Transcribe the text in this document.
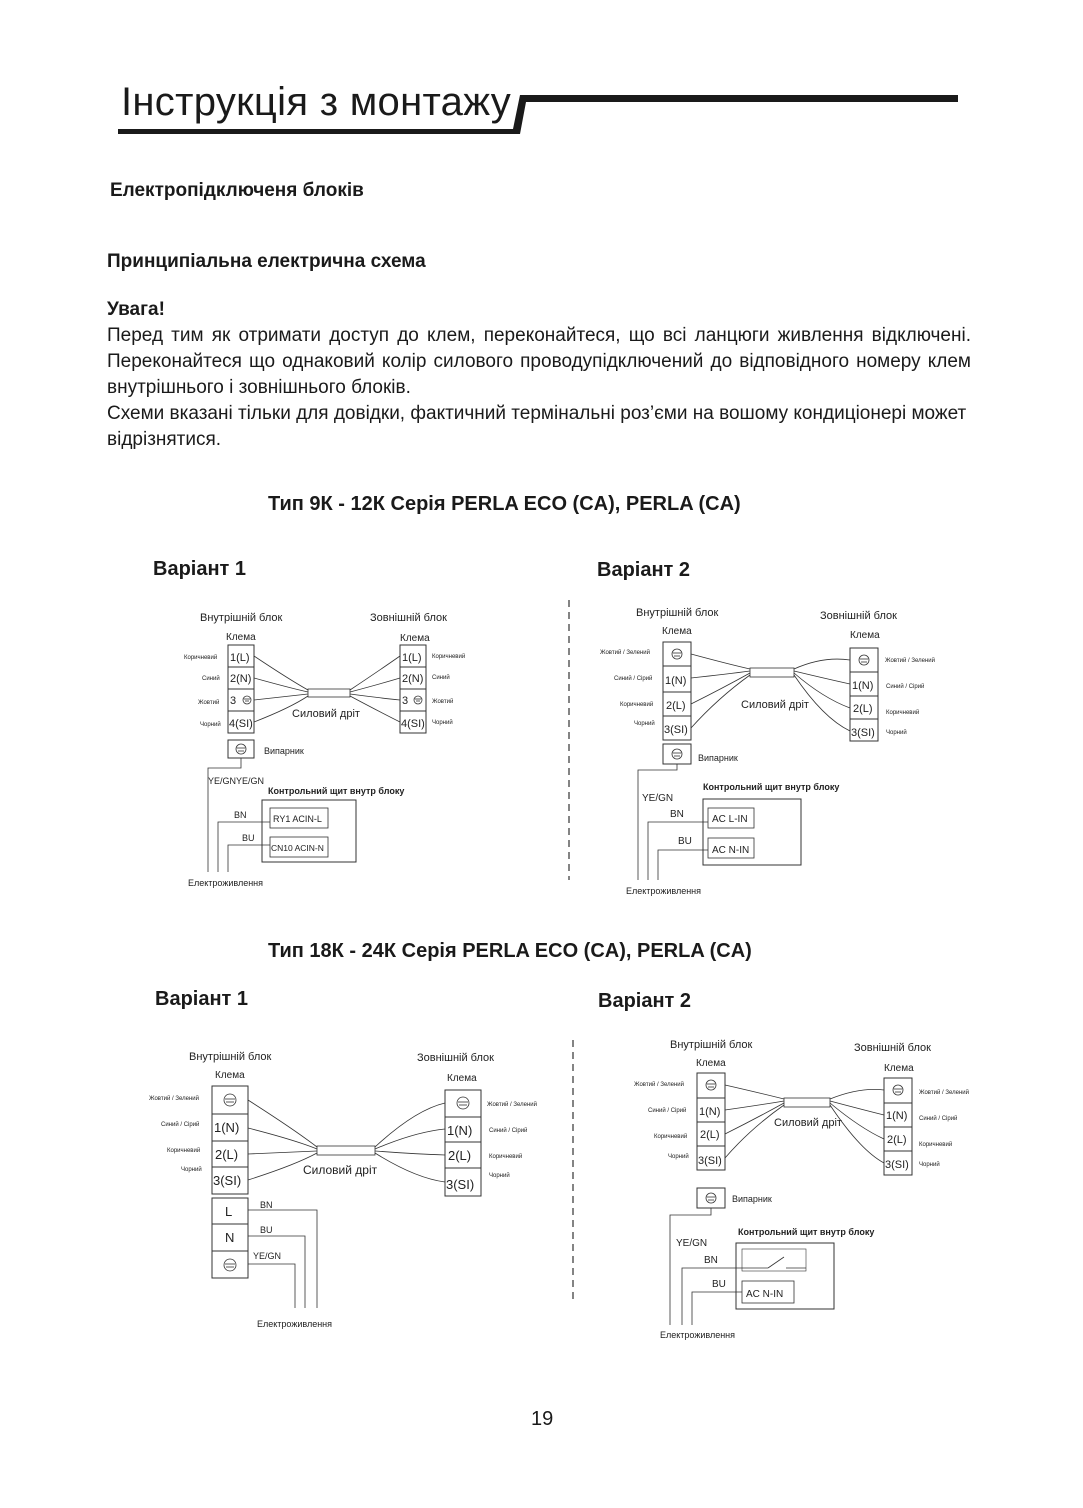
Інструкція з монтажу
Електропідключеня блоків
Принципіальна електрична схема

Увага!

Перед тим як отримати доступ до клем, переконайтеся, що всі ланцюги живлення відключені. Переконайтеся що однаковий колір силового проводупідключений до відповідного номеру клем внутрішнього і зовнішнього блоків.

Схеми вказані тільки для довідки, фактичний термінальні роз’єми на вошому кондиціонері может відрізнятися.

Тип 9К - 12К Серія PERLA ECO (CA), PERLA (CA)
Варіант 1	Варіант 2
Внутрішній блок	Зовнішній блок
Клема	Клема
1(L)
2(N)
3
4(SI)
Коричневий
Синий
Жовтий
Чорний
1(L)
2(N)
3
4(SI)
Коричневий
Синий
Жовтий
Чорний
Силовий дріт
Випарник
YE/GNYE/GN
Контрольний щит внутр блоку
RY1 ACIN-L
CN10 ACIN-N
BN
BU
Електроживлення
Внутрішній блок	Зовнішній блок
Клема	Клема
1(N)
2(L)
3(SI)
Жовтий / Зелений
Синий / Сірий
Коричневий
Чорний
1(N)
2(L)
3(SI)
Жовтий / Зелений
Синий / Сірий
Коричневий
Чорний
Силовий дріт
Випарник
Контрольний щит внутр блоку
AC L-IN
AC N-IN
YE/GN
BN
BU
Електроживлення
Тип 18К - 24К Серія PERLA ECO (CA), PERLA (CA)
Варіант 1	Варіант 2
Внутрішній блок	Зовнішній блок
Клема	Клема
1(N)
2(L)
3(SI)
Жовтий / Зелений
Синий / Сірий
Коричневий
Чорний
1(N)
2(L)
3(SI)
Жовтий / Зелений
Синий / Сірий
Коричневий
Чорний
Силовий дріт
L
N
BN
BU
YE/GN
Електроживлення
Внутрішній блок	Зовнішній блок
Клема	Клема
1(N)
2(L)
3(SI)
Жовтий / Зелений
Синий / Сірий
Коричневий
Чорний
1(N)
2(L)
3(SI)
Жовтий / Зелений
Синий / Сірий
Коричневий
Чорний
Силовий дріт
Випарник
Контрольний щит внутр блоку
AC N-IN
YE/GN
BN
BU
Електроживлення
19
